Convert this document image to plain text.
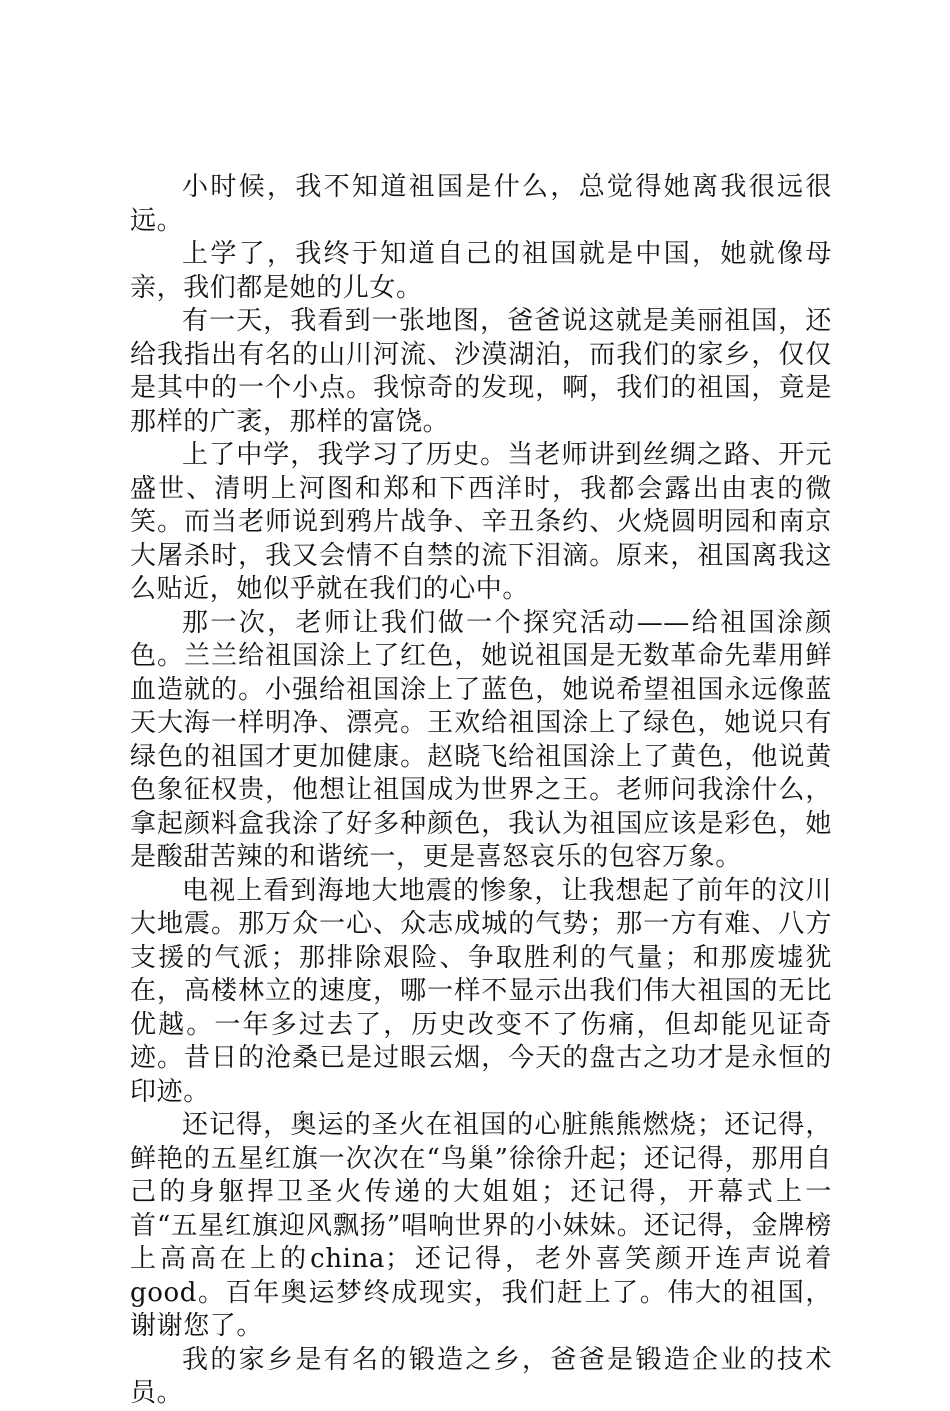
小时候，我不知道祖国是什么，总觉得她离我很远很远。

上学了，我终于知道自己的祖国就是中国，她就像母亲，我们都是她的儿女。

有一天，我看到一张地图，爸爸说这就是美丽祖国，还给我指出有名的山川河流、沙漠湖泊，而我们的家乡，仅仅是其中的一个小点。我惊奇的发现，啊，我们的祖国，竟是那样的广袤，那样的富饶。

上了中学，我学习了历史。当老师讲到丝绸之路、开元盛世、清明上河图和郑和下西洋时，我都会露出由衷的微笑。而当老师说到鸦片战争、辛丑条约、火烧圆明园和南京大屠杀时，我又会情不自禁的流下泪滴。原来，祖国离我这么贴近，她似乎就在我们的心中。

那一次，老师让我们做一个探究活动——给祖国涂颜色。兰兰给祖国涂上了红色，她说祖国是无数革命先辈用鲜血造就的。小强给祖国涂上了蓝色，她说希望祖国永远像蓝天大海一样明净、漂亮。王欢给祖国涂上了绿色，她说只有绿色的祖国才更加健康。赵晓飞给祖国涂上了黄色，他说黄色象征权贵，他想让祖国成为世界之王。老师问我涂什么，拿起颜料盒我涂了好多种颜色，我认为祖国应该是彩色，她是酸甜苦辣的和谐统一，更是喜怒哀乐的包容万象。

电视上看到海地大地震的惨象，让我想起了前年的汶川大地震。那万众一心、众志成城的气势；那一方有难、八方支援的气派；那排除艰险、争取胜利的气量；和那废墟犹在，高楼林立的速度，哪一样不显示出我们伟大祖国的无比优越。一年多过去了，历史改变不了伤痛，但却能见证奇迹。昔日的沧桑已是过眼云烟，今天的盘古之功才是永恒的印迹。

还记得，奥运的圣火在祖国的心脏熊熊燃烧；还记得，鲜艳的五星红旗一次次在“鸟巢”徐徐升起；还记得，那用自己的身躯捍卫圣火传递的大姐姐；还记得，开幕式上一首“五星红旗迎风飘扬”唱响世界的小妹妹。还记得，金牌榜上高高在上的china；还记得，老外喜笑颜开连声说着good。百年奥运梦终成现实，我们赶上了。伟大的祖国，谢谢您了。

我的家乡是有名的锻造之乡，爸爸是锻造企业的技术员。
